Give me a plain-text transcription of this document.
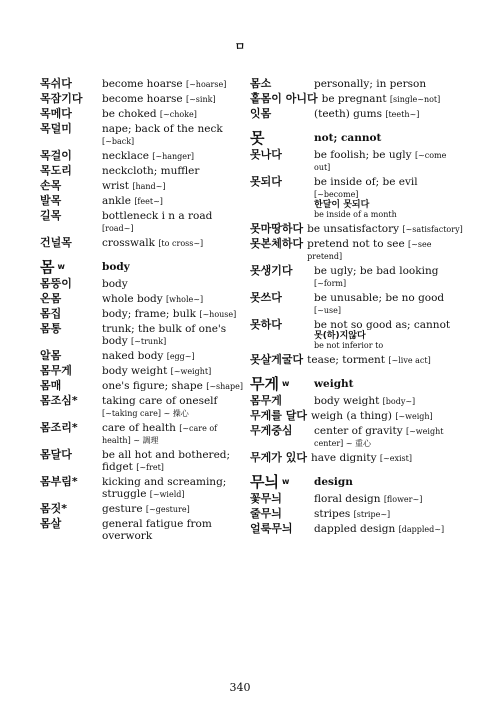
ㅁ
목쉬다	become hoarse [~hoarse]
목잠기다	become hoarse [~sink]
목메다	be choked [~choke]
목덜미	nape; back of the neck [~back]
목걸이	necklace [~hanger]
목도리	neckcloth; muffler
손목	wrist [hand~]
발목	ankle [feet~]
길목	bottleneck i n a road [road~]
건널목	crosswalk [to cross~]
몸 $^w$	body
몸뚱이	body
온몸	whole body [whole~]
몸집	body; frame; bulk [~house]
몸통	trunk; the bulk of one's body [~trunk]
알몸	naked body [egg~]
몸무게	body weight [~weight]
몸매	one's figure; shape [~shape]
몸조심*	taking care of oneself [~taking care] ~ 操心
몸조리*	care of health [~care of health] ~ 調理
몸달다	be all hot and bothered; fidget [~fret]
몸부림*	kicking and screaming; struggle [~wield]
몸짓*	gesture [~gesture]
몸살	general fatigue from overwork
몸소	personally; in person
홑몸이 아니다 be pregnant [single~not]
잇몸	(teeth) gums [teeth~]
못	not; cannot
못나다	be foolish; be ugly [~come out]
못되다	be inside of; be evil [~become]
한달이 못되다
be inside of a month
못마땅하다 be unsatisfactory [~satisfactory]
못본체하다 pretend not to see [~see pretend]
못생기다	be ugly; be bad looking [~form]
못쓰다	be unusable; be no good [~use]
못하다	be not so good as; cannot
못(하)지않다
be not inferior to
못살게굴다 tease; torment [~live act]
무게 $^w$	weight
몸무게	body weight [body~]
무게를 달다 weigh (a thing) [~weigh]
무게중심	center of gravity [~weight center] ~ 重心
무게가 있다 have dignity [~exist]
무늬 $^w$	design
꽃무늬	floral design [flower~]
줄무늬	stripes [stripe~]
얼룩무늬	dappled design [dappled~]
340
